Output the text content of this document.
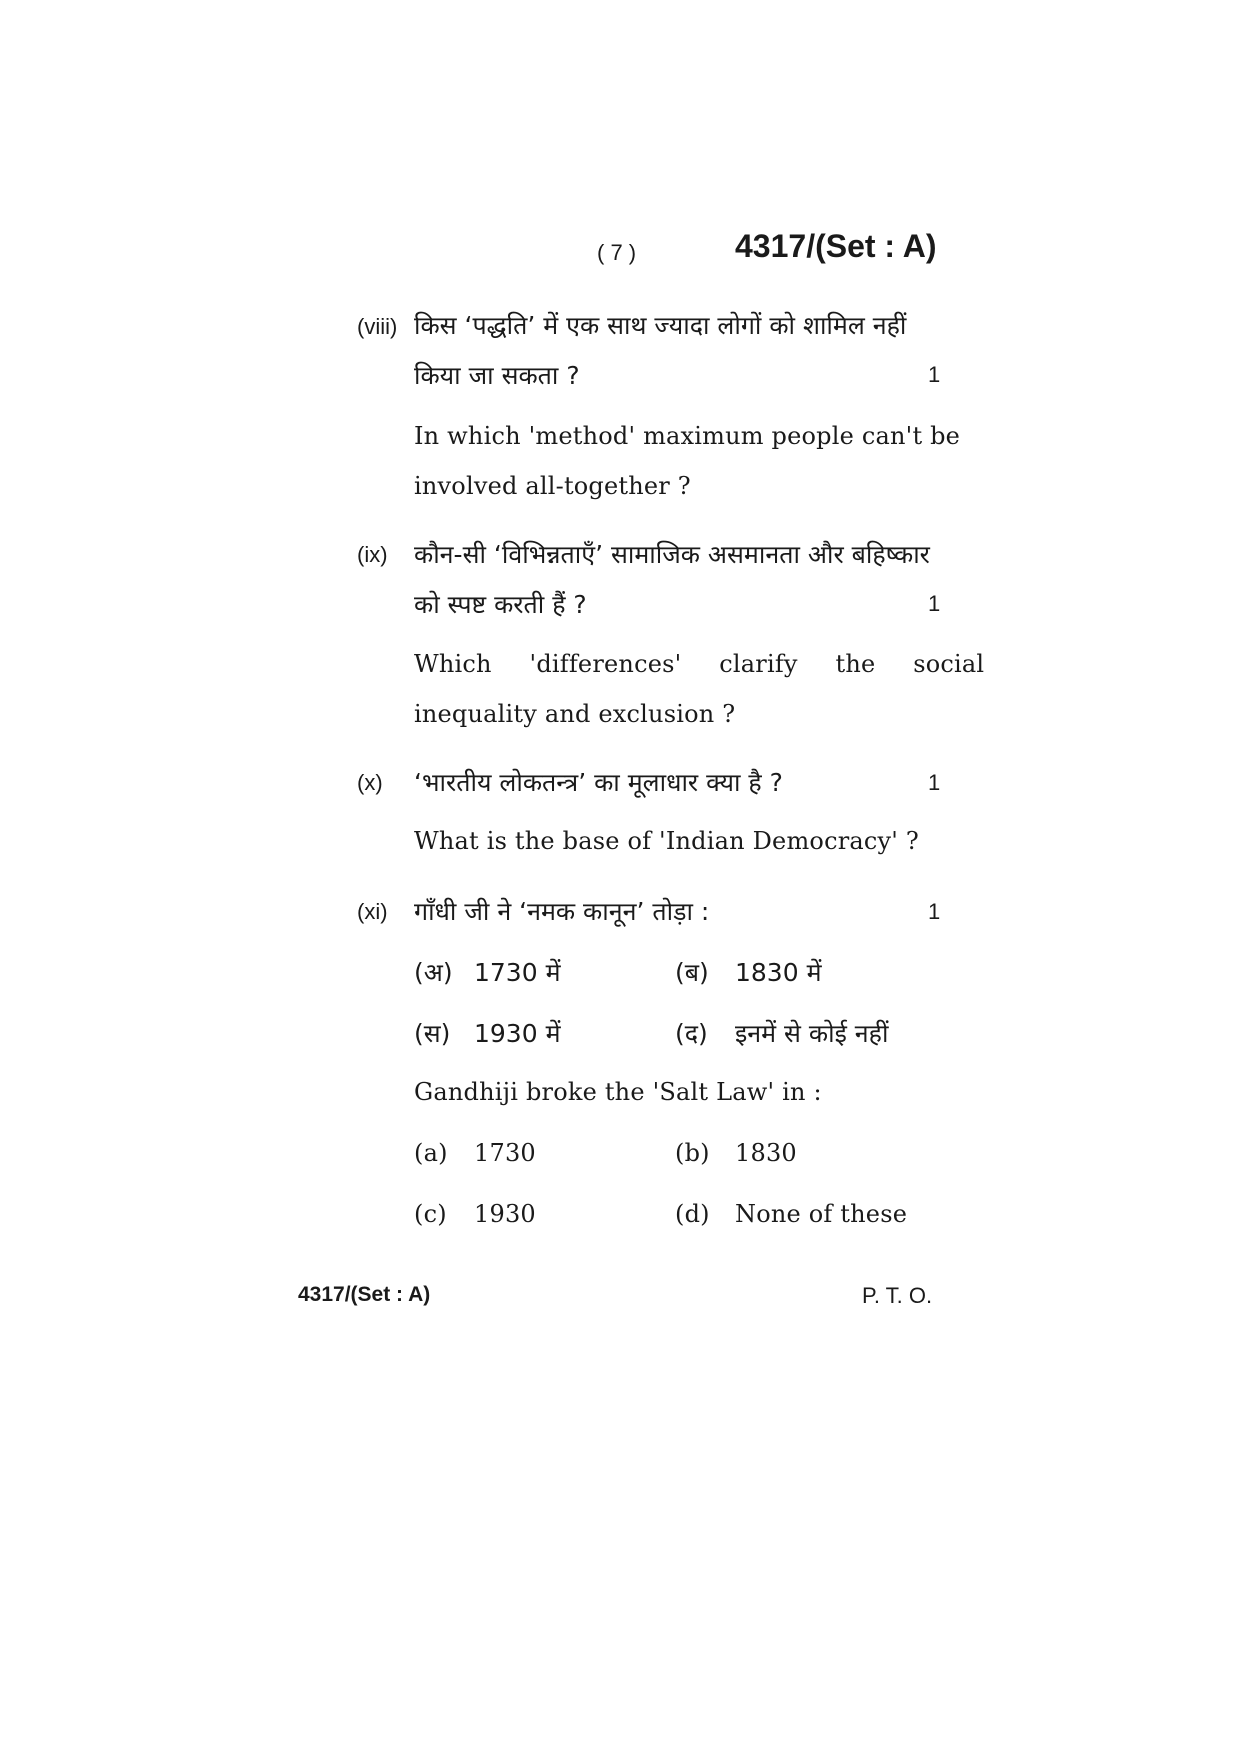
( 7 )	4317/(Set : A)
(viii) किस ‘पद्धति’ में एक साथ ज्यादा लोगों को शामिल नहीं
किया जा सकता ?	1
In which 'method' maximum people can't be
involved all-together ?
(ix) कौन-सी ‘विभिन्नताएँ’ सामाजिक असमानता और बहिष्कार
को स्पष्ट करती हैं ?	1
Which 'differences' clarify the social
inequality and exclusion ?
(x) ‘भारतीय लोकतन्त्र’ का मूलाधार क्या है ?	1
What is the base of 'Indian Democracy' ?
(xi) गाँधी जी ने ‘नमक कानून’ तोड़ा :	1
(अ) 1730 में	(ब) 1830 में
(स) 1930 में	(द) इनमें से कोई नहीं
Gandhiji broke the 'Salt Law' in :
(a) 1730	(b) 1830
(c) 1930	(d) None of these
4317/(Set : A)	P. T. O.
